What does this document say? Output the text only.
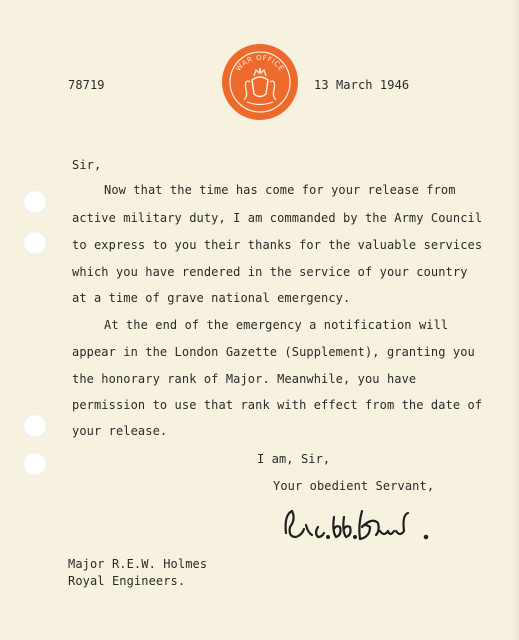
78719
WAR OFFICE
13 March 1946
Sir,
Now that the time has come for your release from
active military duty, I am commanded by the Army Council
to express to you their thanks for the valuable services
which you have rendered in the service of your country
at a time of grave national emergency.
At the end of the emergency a notification will
appear in the London Gazette (Supplement), granting you
the honorary rank of Major. Meanwhile, you have
permission to use that rank with effect from the date of
your release.
I am, Sir,
Your obedient Servant,
Major R.E.W. Holmes
Royal Engineers.
